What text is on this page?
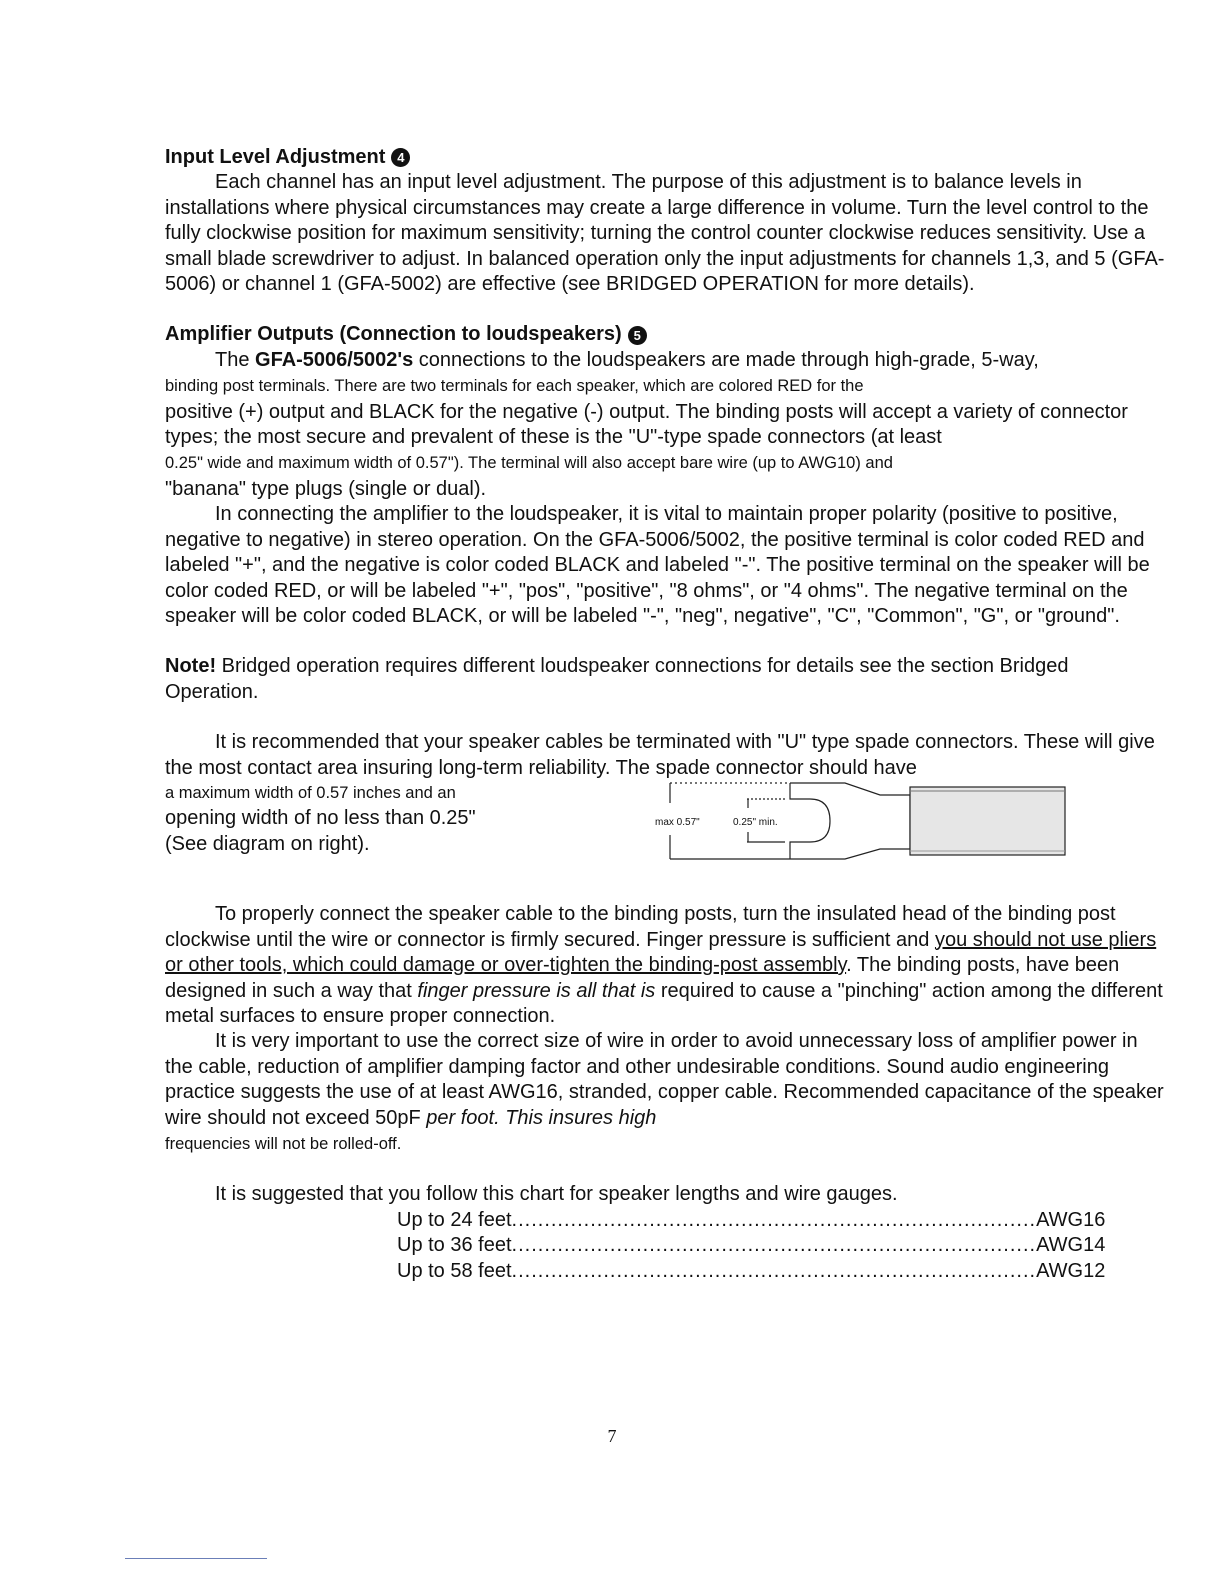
Input Level Adjustment 4

Each channel has an input level adjustment. The purpose of this adjustment is to balance levels in installations where physical circumstances may create a large difference in volume. Turn the level control to the fully clockwise position for maximum sensitivity; turning the control counter clockwise reduces sensitivity. Use a small blade screwdriver to adjust. In balanced operation only the input adjustments for channels 1,3, and 5 (GFA-5006) or channel 1 (GFA-5002) are effective (see BRIDGED OPERATION for more details).

Amplifier Outputs (Connection to loudspeakers) 5

The GFA-5006/5002's connections to the loudspeakers are made through high-grade, 5-way,
binding post terminals. There are two terminals for each speaker, which are colored RED for the
positive (+) output and BLACK for the negative (-) output. The binding posts will accept a variety of connector types; the most secure and prevalent of these is the "U"-type spade connectors (at least
0.25" wide and maximum width of 0.57"). The terminal will also accept bare wire (up to AWG10) and
"banana" type plugs (single or dual).

In connecting the amplifier to the loudspeaker, it is vital to maintain proper polarity (positive to positive, negative to negative) in stereo operation. On the GFA-5006/5002, the positive terminal is color coded RED and labeled "+", and the negative is color coded BLACK and labeled "-". The positive terminal on the speaker will be color coded RED, or will be labeled "+", "pos", "positive", "8 ohms", or "4 ohms". The negative terminal on the speaker will be color coded BLACK, or will be labeled "-", "neg", negative", "C", "Common", "G", or "ground".

Note! Bridged operation requires different loudspeaker connections for details see the section Bridged Operation.

It is recommended that your speaker cables be terminated with "U" type spade connectors. These will give the most contact area insuring long-term reliability. The spade connector should have

a maximum width of 0.57 inches and an
opening width of no less than 0.25"
(See diagram on right).
max 0.57"	0.25" min.

To properly connect the speaker cable to the binding posts, turn the insulated head of the binding post clockwise until the wire or connector is firmly secured. Finger pressure is sufficient and you should not use pliers or other tools, which could damage or over-tighten the binding-post assembly. The binding posts, have been designed in such a way that finger pressure is all that is required to cause a "pinching" action among the different metal surfaces to ensure proper connection.

It is very important to use the correct size of wire in order to avoid unnecessary loss of amplifier power in the cable, reduction of amplifier damping factor and other undesirable conditions. Sound audio engineering practice suggests the use of at least AWG16, stranded, copper cable. Recommended capacitance of the speaker wire should not exceed 50pF per foot. This insures high
frequencies will not be rolled-off.

It is suggested that you follow this chart for speaker lengths and wire gauges.

Up to 24 feet ................................................................................ AWG16
Up to 36 feet ................................................................................ AWG14
Up to 58 feet ................................................................................ AWG12
7
